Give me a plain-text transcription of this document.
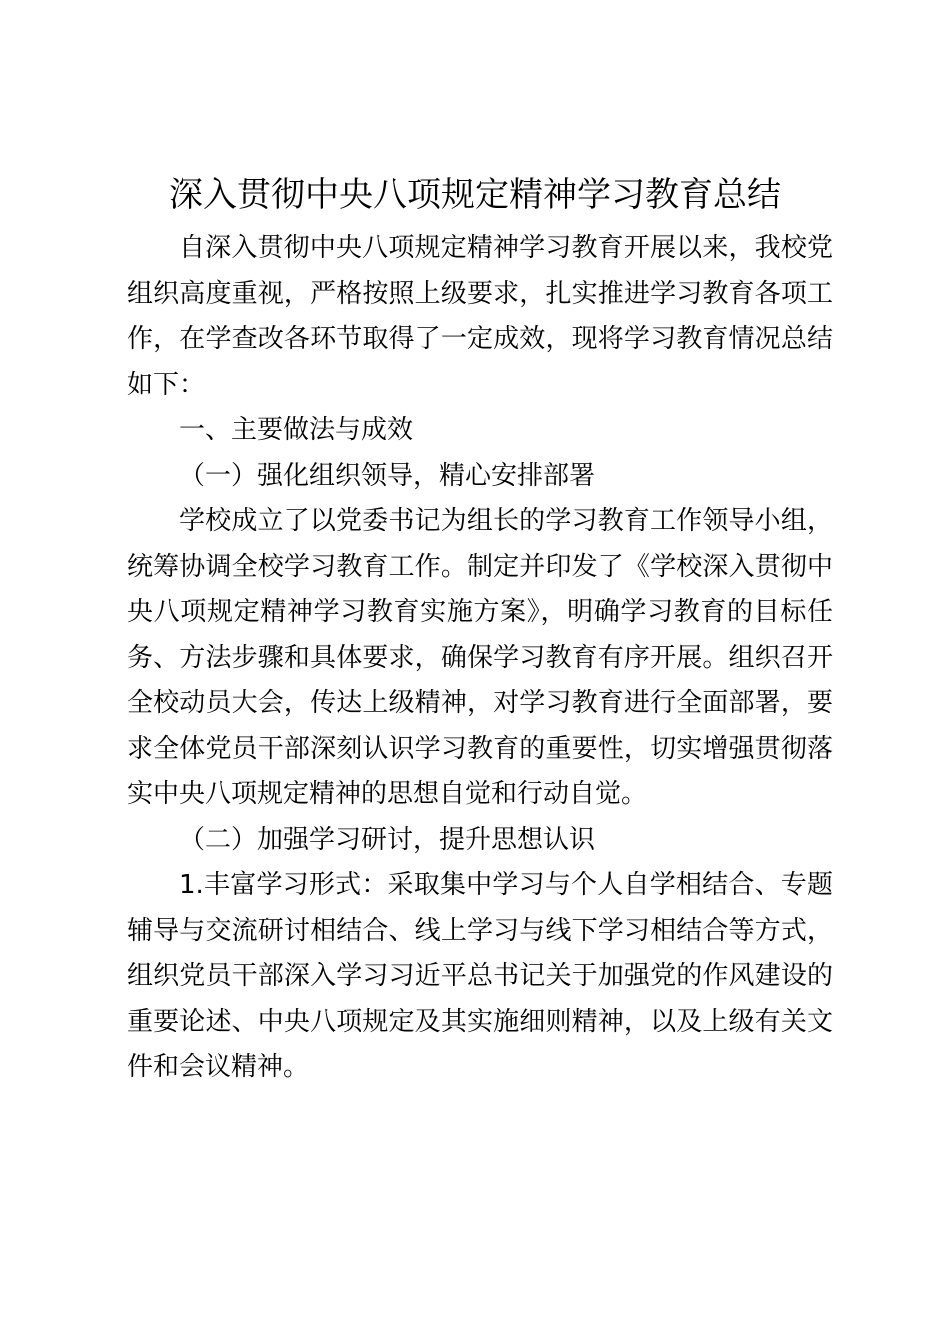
深入贯彻中央八项规定精神学习教育总结

自深入贯彻中央八项规定精神学习教育开展以来，我校党组织高度重视，严格按照上级要求，扎实推进学习教育各项工作，在学查改各环节取得了一定成效，现将学习教育情况总结如下：

一、主要做法与成效

（一）强化组织领导，精心安排部署

学校成立了以党委书记为组长的学习教育工作领导小组，统筹协调全校学习教育工作。制定并印发了《学校深入贯彻中央八项规定精神学习教育实施方案》，明确学习教育的目标任务、方法步骤和具体要求，确保学习教育有序开展。组织召开全校动员大会，传达上级精神，对学习教育进行全面部署，要求全体党员干部深刻认识学习教育的重要性，切实增强贯彻落实中央八项规定精神的思想自觉和行动自觉。

（二）加强学习研讨，提升思想认识

1.丰富学习形式：采取集中学习与个人自学相结合、专题辅导与交流研讨相结合、线上学习与线下学习相结合等方式，组织党员干部深入学习习近平总书记关于加强党的作风建设的重要论述、中央八项规定及其实施细则精神，以及上级有关文件和会议精神。
